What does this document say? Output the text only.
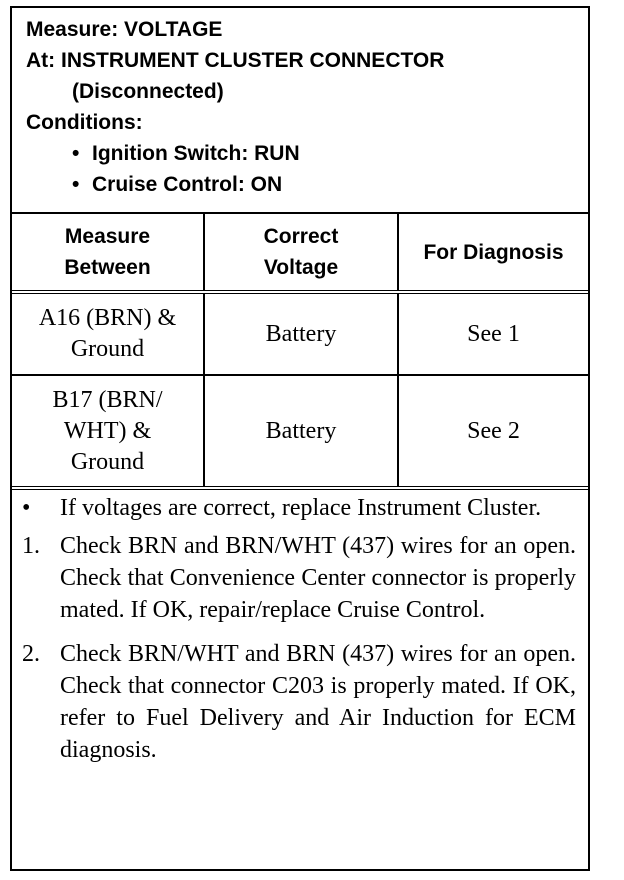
Measure: VOLTAGE
At: INSTRUMENT CLUSTER CONNECTOR
(Disconnected)
Conditions:
• Ignition Switch: RUN
• Cruise Control: ON
Measure Between	Correct Voltage	For Diagnosis
A16 (BRN) & Ground	Battery	See 1
B17 (BRN/ WHT) & Ground	Battery	See 2
•	If voltages are correct, replace Instrument Cluster.
1. Check BRN and BRN/WHT (437) wires for an open. Check that Convenience Center connector is properly mated. If OK, repair/replace Cruise Control.
2. Check BRN/WHT and BRN (437) wires for an open. Check that connector C203 is properly mated. If OK, refer to Fuel Delivery and Air Induction for ECM diagnosis.
